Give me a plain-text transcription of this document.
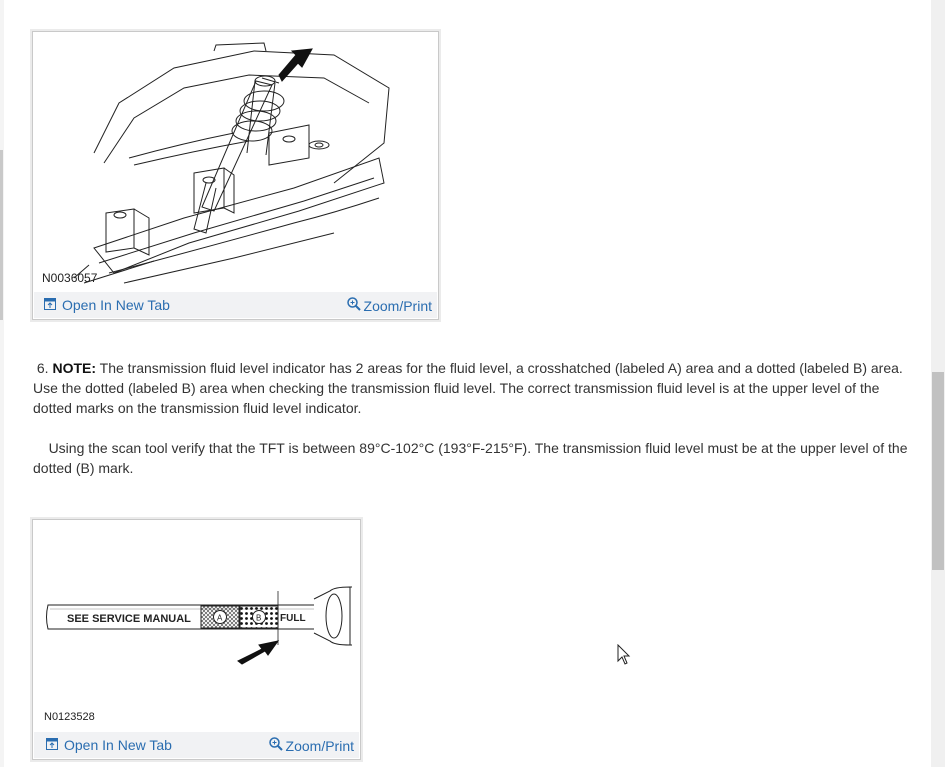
N0036057
Open In New Tab	Zoom/Print

6. NOTE: The transmission fluid level indicator has 2 areas for the fluid level, a crosshatched (labeled A) area and a dotted (labeled B) area. Use the dotted (labeled B) area when checking the transmission fluid level. The correct transmission fluid level is at the upper level of the dotted marks on the transmission fluid level indicator.

Using the scan tool verify that the TFT is between 89°C-102°C (193°F-215°F). The transmission fluid level must be at the upper level of the dotted (B) mark.

SEE SERVICE MANUAL	A	B FULL
N0123528
Open In New Tab	Zoom/Print
